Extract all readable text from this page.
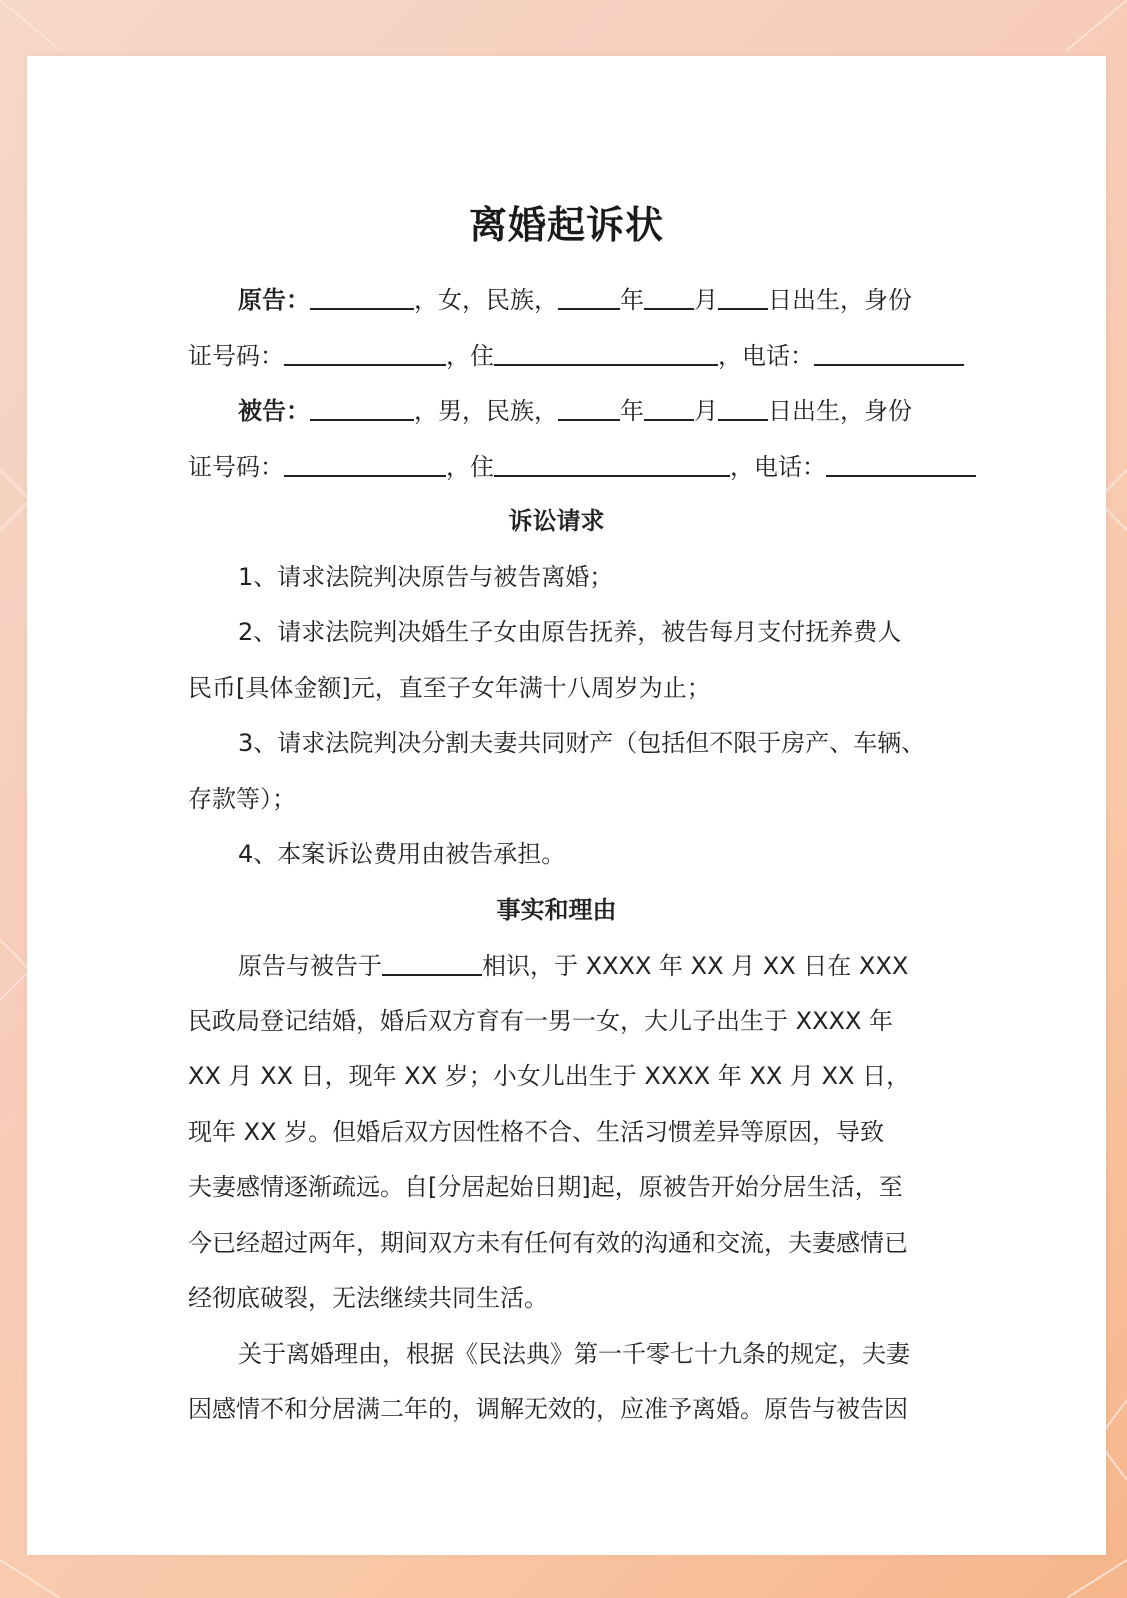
离婚起诉状
原告：	，女，民族，	年 月 日出生，身份
证号码：	，住	，电话：
被告：	，男，民族，	年 月 日出生，身份
证号码：	，住	，电话：
诉讼请求
1、请求法院判决原告与被告离婚；
2、请求法院判决婚生子女由原告抚养，被告每月支付抚养费人
民币[具体金额]元，直至子女年满十八周岁为止；
3、请求法院判决分割夫妻共同财产（包括但不限于房产、车辆、
存款等）；
4、本案诉讼费用由被告承担。
事实和理由
原告与被告于	相识，于 XXXX 年 XX 月 XX 日在 XXX
民政局登记结婚，婚后双方育有一男一女，大儿子出生于 XXXX 年
XX 月 XX 日，现年 XX 岁；小女儿出生于 XXXX 年 XX 月 XX 日，
现年 XX 岁。但婚后双方因性格不合、生活习惯差异等原因，导致
夫妻感情逐渐疏远。自[分居起始日期]起，原被告开始分居生活，至
今已经超过两年，期间双方未有任何有效的沟通和交流，夫妻感情已
经彻底破裂，无法继续共同生活。
关于离婚理由，根据《民法典》第一千零七十九条的规定，夫妻
因感情不和分居满二年的，调解无效的，应准予离婚。原告与被告因
